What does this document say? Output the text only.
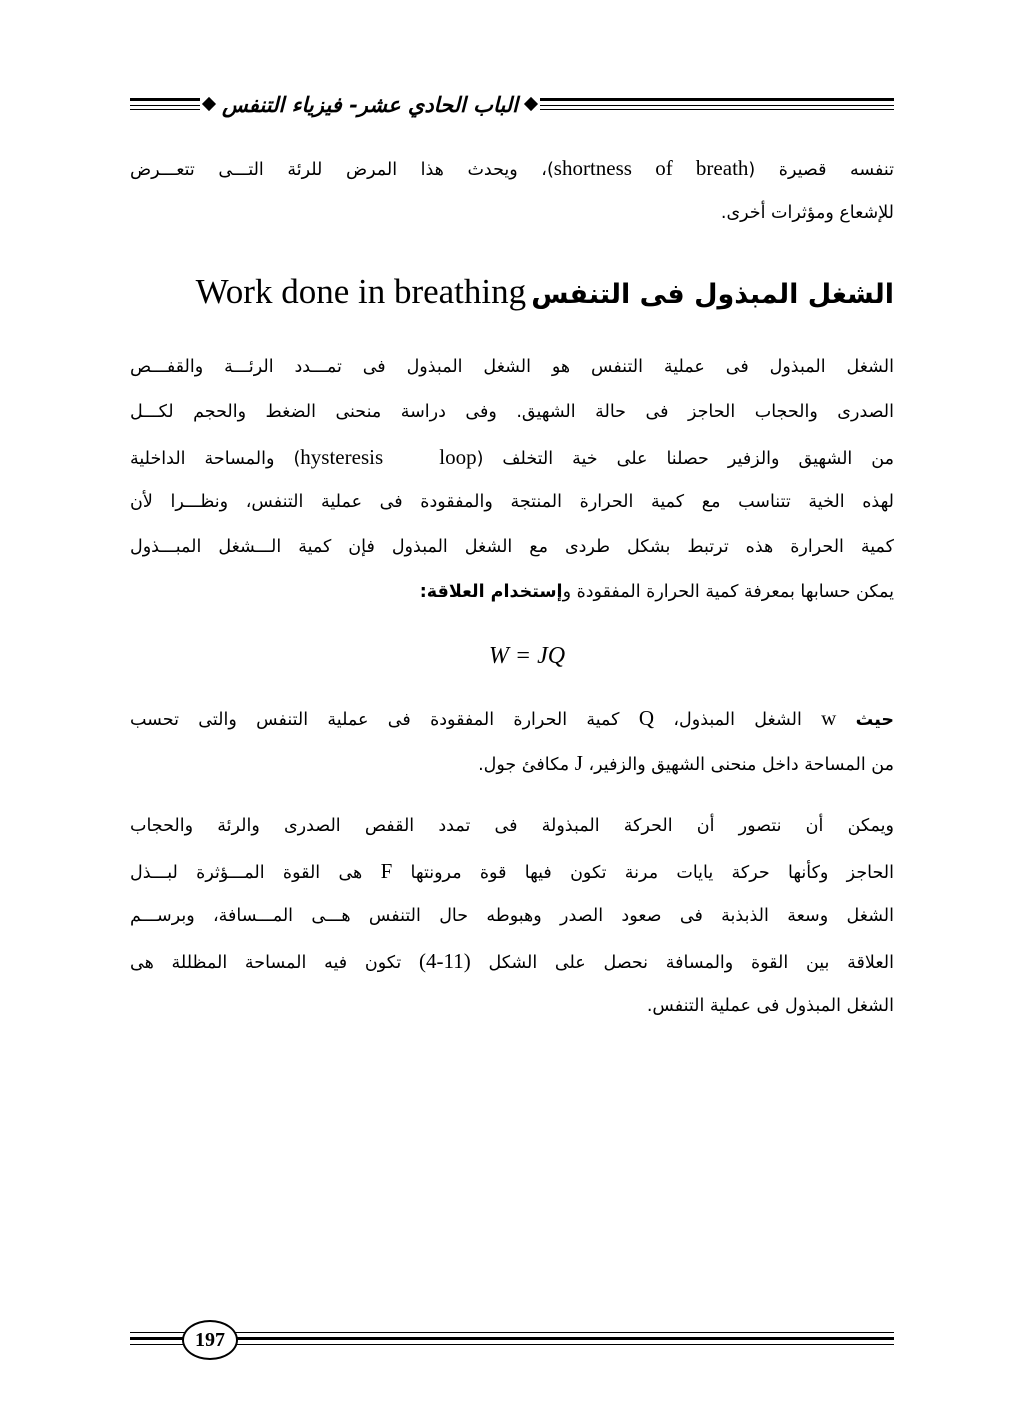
الباب الحادي عشر- فيزياء التنفس
تنفسه قصيرة (shortness of breath)، ويحدث هذا المرض للرئة التـــى تتعـــرض
للإشعاع ومؤثرات أخرى.
الشغل المبذول فى التنفس Work done in breathing
الشغل المبذول فى عملية التنفس هو الشغل المبذول فى تمـــدد الرئـــة والقفـــص
الصدرى والحجاب الحاجز فى حالة الشهيق. وفى دراسة منحنى الضغط والحجم لكـــل
من الشهيق والزفير حصلنا على خية التخلف (hysteresis   loop) والمساحة الداخلية
لهذه الخية تتناسب مع كمية الحرارة المنتجة والمفقودة فى عملية التنفس، ونظـــرا لأن
كمية الحرارة هذه ترتبط بشكل طردى مع الشغل المبذول فإن كمية الـــشغل المبـــذول
يمكن حسابها بمعرفة كمية الحرارة المفقودة وإستخدام العلاقة:
W = JQ
حيث w الشغل المبذول، Q كمية الحرارة المفقودة فى عملية التنفس والتى تحسب
من المساحة داخل منحنى الشهيق والزفير، J مكافئ جول.
ويمكن أن نتصور أن الحركة المبذولة فى تمدد القفص الصدرى والرئة والحجاب
الحاجز وكأنها حركة يايات مرنة تكون فيها قوة مرونتها F هى القوة المـــؤثرة لبـــذل
الشغل وسعة الذبذبة فى صعود الصدر وهبوطه حال التنفس هـــى المـــسافة، وبرســـم
العلاقة بين القوة والمسافة نحصل على الشكل (4-11) تكون فيه المساحة المظللة هى
الشغل المبذول فى عملية التنفس.
197
